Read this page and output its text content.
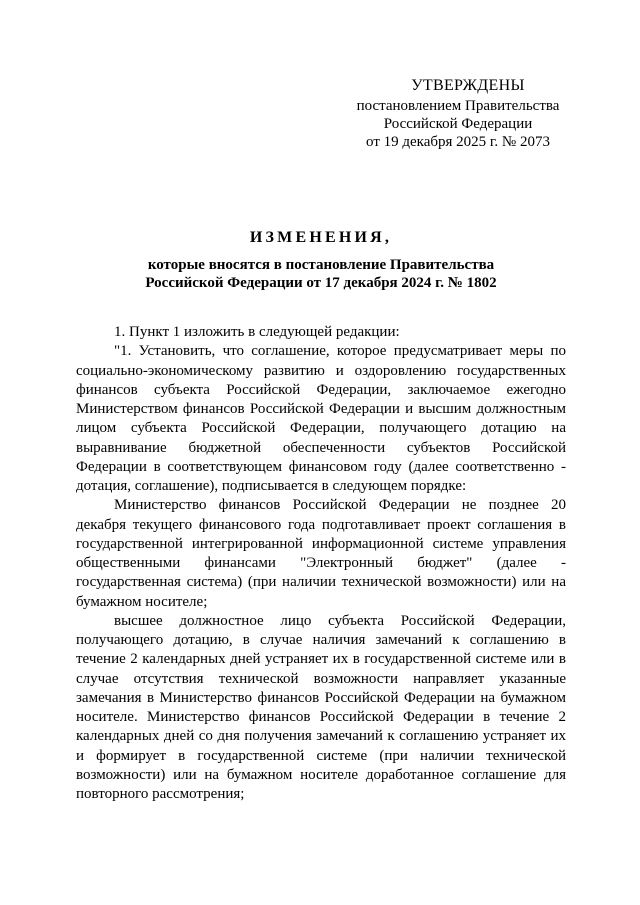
УТВЕРЖДЕНЫ
постановлением Правительства
Российской Федерации
от 19 декабря 2025 г. № 2073
ИЗМЕНЕНИЯ,
которые вносятся в постановление Правительства
Российской Федерации от 17 декабря 2024 г. № 1802

1. Пункт 1 изложить в следующей редакции:

"1. Установить, что соглашение, которое предусматривает меры по социально-экономическому развитию и оздоровлению государственных финансов субъекта Российской Федерации, заключаемое ежегодно Министерством финансов Российской Федерации и высшим должностным лицом субъекта Российской Федерации, получающего дотацию на выравнивание бюджетной обеспеченности субъектов Российской Федерации в соответствующем финансовом году (далее соответственно - дотация, соглашение), подписывается в следующем порядке:

Министерство финансов Российской Федерации не позднее 20 декабря текущего финансового года подготавливает проект соглашения в государственной интегрированной информационной системе управления общественными финансами "Электронный бюджет" (далее - государственная система) (при наличии технической возможности) или на бумажном носителе;

высшее должностное лицо субъекта Российской Федерации, получающего дотацию, в случае наличия замечаний к соглашению в течение 2 календарных дней устраняет их в государственной системе или в случае отсутствия технической возможности направляет указанные замечания в Министерство финансов Российской Федерации на бумажном носителе. Министерство финансов Российской Федерации в течение 2 календарных дней со дня получения замечаний к соглашению устраняет их и формирует в государственной системе (при наличии технической возможности) или на бумажном носителе доработанное соглашение для повторного рассмотрения;
